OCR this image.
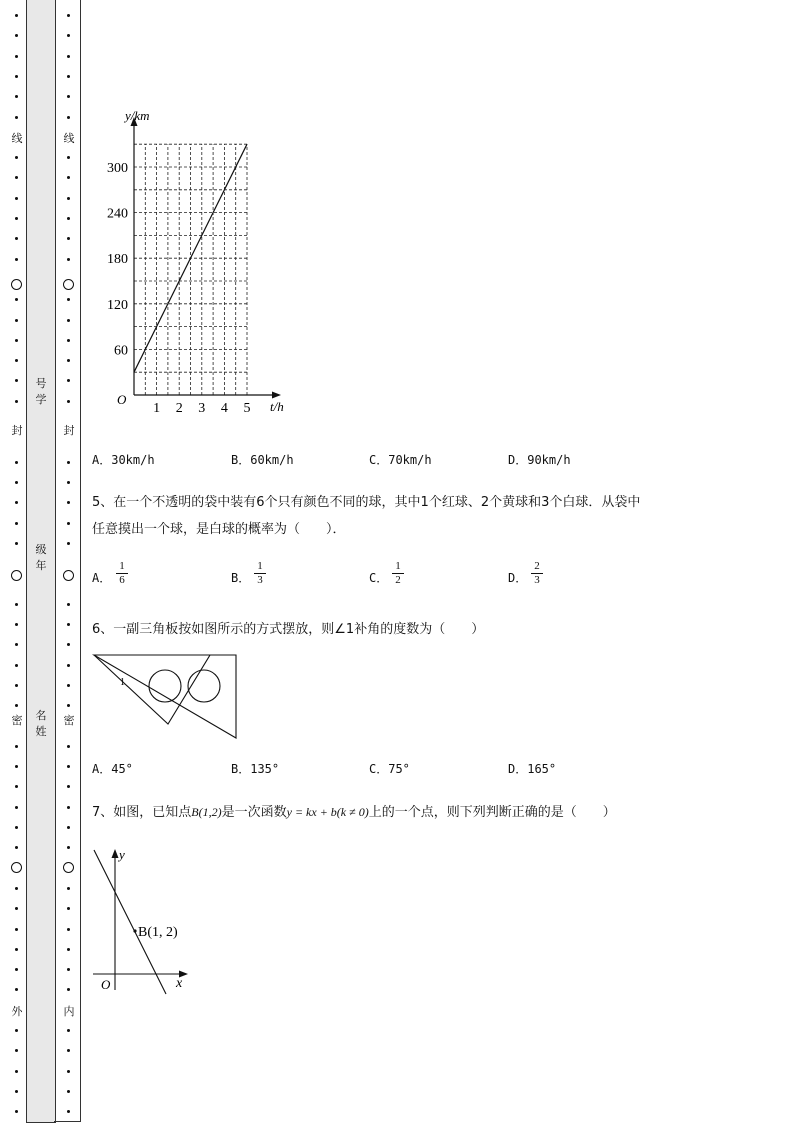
线
封
密
外
线
封
密
内
号
学
级
年
名
姓
60
120
180
240
300
1 2 3 4 5
y/km
t/h
O
A．30km/h	B．60km/h	C．70km/h	D．90km/h
5、在一个不透明的袋中装有6个只有颜色不同的球，其中1个红球、2个黄球和3个白球．从袋中
任意摸出一个球，是白球的概率为（　　）．
A． $\frac{1}{6}$	B． $\frac{1}{3}$	C． $\frac{1}{2}$	D． $\frac{2}{3}$
6、一副三角板按如图所示的方式摆放，则∠1补角的度数为（　　）
A．45°	B．135°	C．75°	D．165°
7、如图，已知点B(1,2)是一次函数y = kx + b(k ≠ 0)上的一个点，则下列判断正确的是（　　）
1
B(1, 2)
y
x
O
